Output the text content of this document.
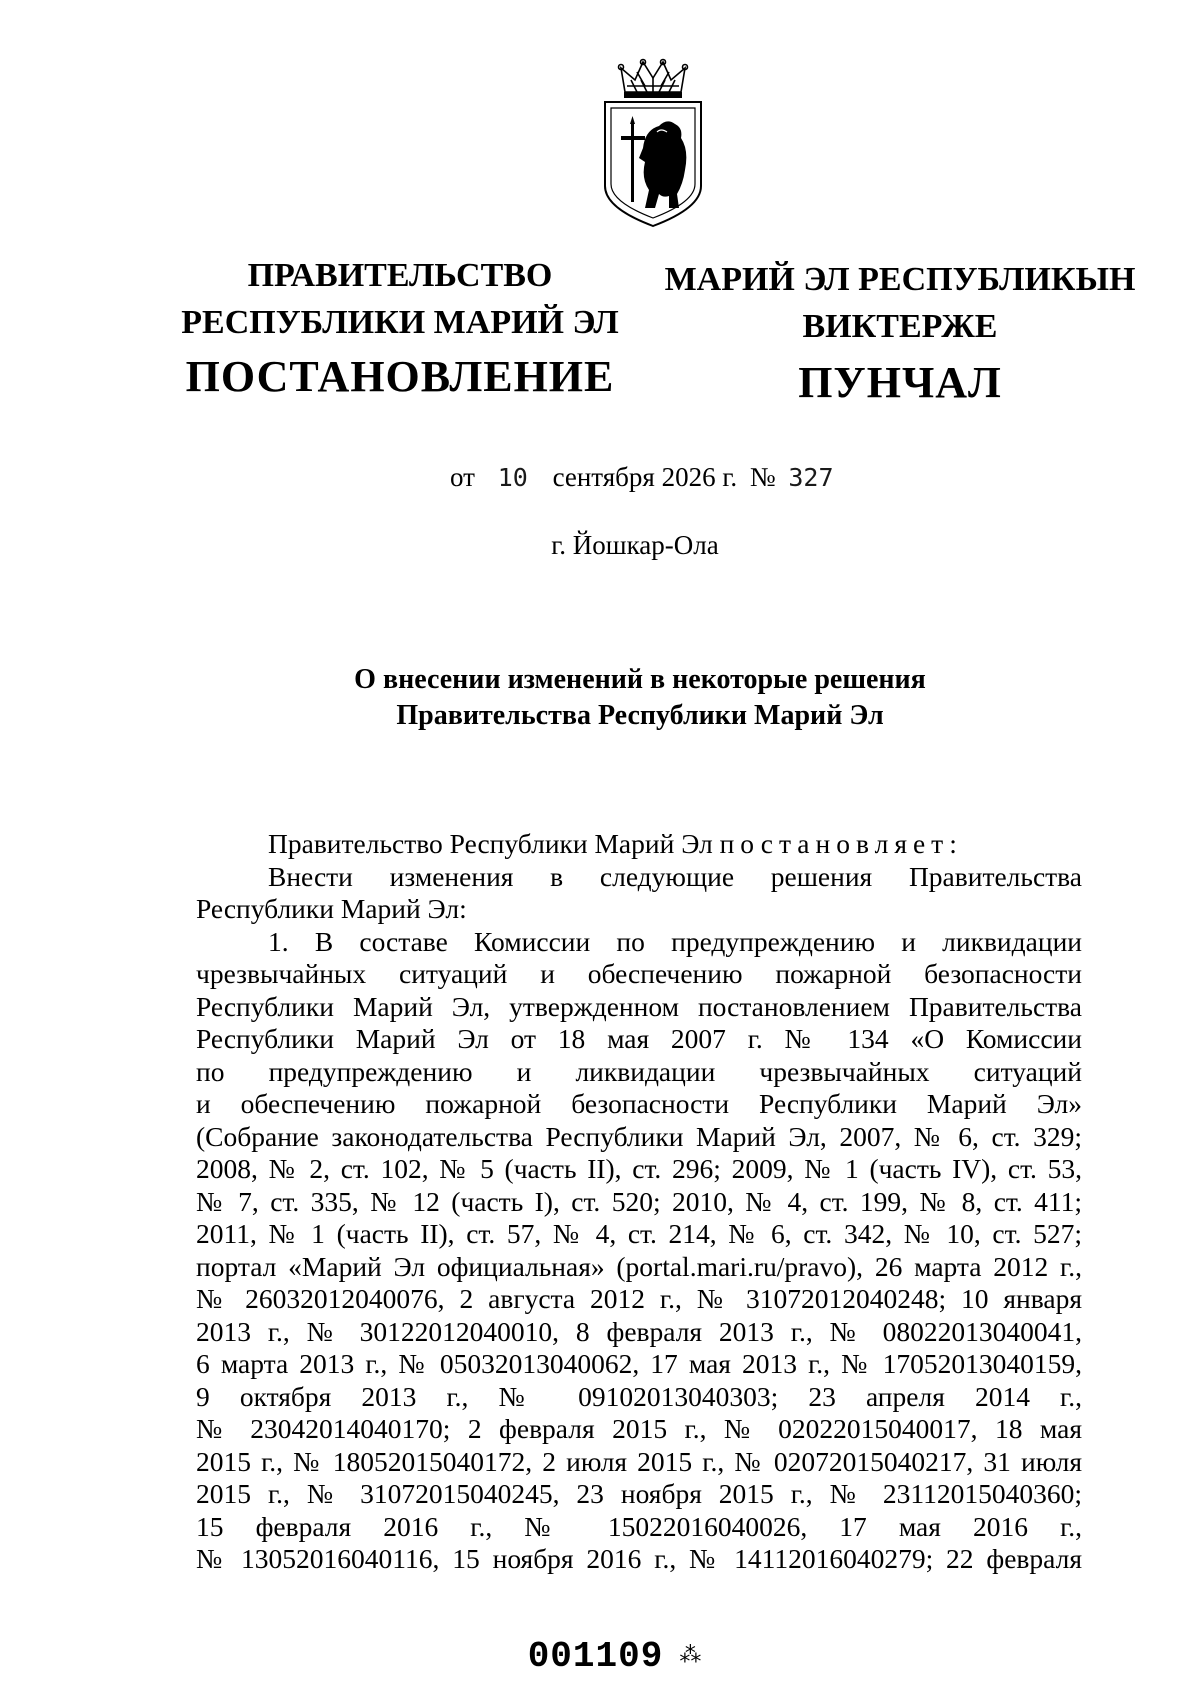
ПРАВИТЕЛЬСТВО
РЕСПУБЛИКИ МАРИЙ ЭЛ
ПОСТАНОВЛЕНИЕ
МАРИЙ ЭЛ РЕСПУБЛИКЫН
ВИКТЕРЖЕ
ПУНЧАЛ
от 10 сентября 2026 г. № 327
г. Йошкар-Ола
О внесении изменений в некоторые решения
Правительства Республики Марий Эл
Правительство Республики Марий Эл постановляет:
Внести изменения в следующие решения Правительства
Республики Марий Эл:
1. В составе Комиссии по предупреждению и ликвидации
чрезвычайных ситуаций и обеспечению пожарной безопасности
Республики Марий Эл, утвержденном постановлением Правительства
Республики Марий Эл от 18 мая 2007 г. № 134 «О Комиссии
по предупреждению и ликвидации чрезвычайных ситуаций
и обеспечению пожарной безопасности Республики Марий Эл»
(Собрание законодательства Республики Марий Эл, 2007, № 6, ст. 329;
2008, № 2, ст. 102, № 5 (часть II), ст. 296; 2009, № 1 (часть IV), ст. 53,
№ 7, ст. 335, № 12 (часть I), ст. 520; 2010, № 4, ст. 199, № 8, ст. 411;
2011, № 1 (часть II), ст. 57, № 4, ст. 214, № 6, ст. 342, № 10, ст. 527;
портал «Марий Эл официальная» (portal.mari.ru/pravo), 26 марта 2012 г.,
№ 26032012040076, 2 августа 2012 г., № 31072012040248; 10 января
2013 г., № 30122012040010, 8 февраля 2013 г., № 08022013040041,
6 марта 2013 г., № 05032013040062, 17 мая 2013 г., № 17052013040159,
9 октября 2013 г., № 09102013040303; 23 апреля 2014 г.,
№ 23042014040170; 2 февраля 2015 г., № 02022015040017, 18 мая
2015 г., № 18052015040172, 2 июля 2015 г., № 02072015040217, 31 июля
2015 г., № 31072015040245, 23 ноября 2015 г., № 23112015040360;
15 февраля 2016 г., № 15022016040026, 17 мая 2016 г.,
№ 13052016040116, 15 ноября 2016 г., № 14112016040279; 22 февраля
001109 ⁂
